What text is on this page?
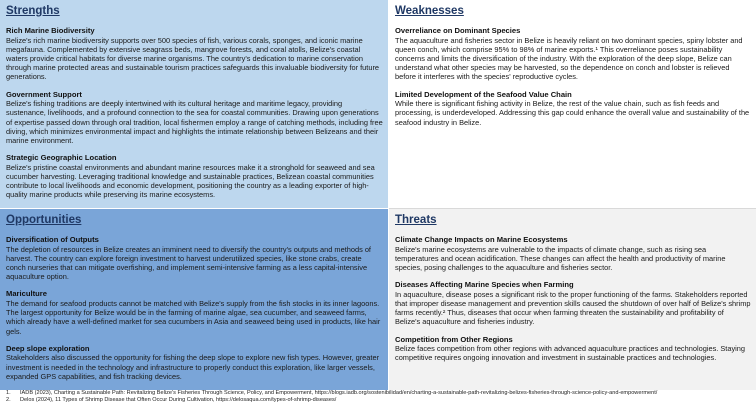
Strengths
Rich Marine Biodiversity
Belize's rich marine biodiversity supports over 500 species of fish, various corals, sponges, and iconic marine megafauna. Complemented by extensive seagrass beds, mangrove forests, and coral atolls, Belize's coastal waters provide critical habitats for diverse marine organisms. The country's dedication to marine conservation through marine protected areas and sustainable tourism practices safeguards this invaluable biodiversity for future generations.
Government Support
Belize's fishing traditions are deeply intertwined with its cultural heritage and maritime legacy, providing sustenance, livelihoods, and a profound connection to the sea for coastal communities. Drawing upon generations of expertise passed down through oral tradition, local fishermen employ a range of catching methods, including free diving, which minimizes environmental impact and highlights the intimate relationship between Belizeans and their marine environment.
Strategic Geographic Location
Belize's pristine coastal environments and abundant marine resources make it a stronghold for seaweed and sea cucumber harvesting. Leveraging traditional knowledge and sustainable practices, Belizean coastal communities contribute to local livelihoods and economic development, positioning the country as a leading exporter of high-quality marine products while preserving its marine ecosystems.
Weaknesses
Overreliance on Dominant Species
The aquaculture and fisheries sector in Belize is heavily reliant on two dominant species, spiny lobster and queen conch, which comprise 95% to 98% of marine exports.¹ This overreliance poses sustainability concerns and limits the diversification of the industry. With the exploration of the deep slope, Belize can understand what other species may be harvested, so the dependence on conch and lobster is relieved before it interferes with the species' reproductive cycles.
Limited Development of the Seafood Value Chain
While there is significant fishing activity in Belize, the rest of the value chain, such as fish feeds and processing, is underdeveloped. Addressing this gap could enhance the overall value and sustainability of the seafood industry in Belize.
Opportunities
Diversification of Outputs
The depletion of resources in Belize creates an imminent need to diversify the country's outputs and methods of harvest. The country can explore foreign investment to harvest underutilized species, like stone crabs, create conch nurseries that can mitigate overfishing, and implement semi-intensive farming as a less capital-intensive aquaculture option.
Mariculture
The demand for seafood products cannot be matched with Belize's supply from the fish stocks in its inner lagoons. The largest opportunity for Belize would be in the farming of marine algae, sea cucumber, and seaweed farms, which already have a well-defined market for sea cucumbers in Asia and seaweed being used in products, like hair gels.
Deep slope exploration
Stakeholders also discussed the opportunity for fishing the deep slope to explore new fish types. However, greater investment is needed in the technology and infrastructure to properly conduct this exploration, like larger vessels, expanded GPS capabilities, and fish tracking devices.
Threats
Climate Change Impacts on Marine Ecosystems
Belize's marine ecosystems are vulnerable to the impacts of climate change, such as rising sea temperatures and ocean acidification. These changes can affect the health and productivity of marine species, posing challenges to the aquaculture and fisheries sector.
Diseases Affecting Marine Species when Farming
In aquaculture, disease poses a significant risk to the proper functioning of the farms. Stakeholders reported that improper disease management and prevention skills caused the shutdown of over half of Belize's shrimp farms recently.² Thus, diseases that occur when farming threaten the sustainability and profitability of Belize's aquaculture and fisheries industry.
Competition from Other Regions
Belize faces competition from other regions with advanced aquaculture practices and technologies. Staying competitive requires ongoing innovation and investment in sustainable practices and technologies.
1.	IADB (2023), Charting a Sustainable Path: Revitalizing Belize's Fisheries Through Science, Policy, and Empowerment, https://blogs.iadb.org/sostenibilidad/en/charting-a-sustainable-path-revitalizing-belizes-fisheries-through-science-policy-and-empowerment/
2.	Delos (2024), 11 Types of Shrimp Disease that Often Occur During Cultivation, https://delosaqua.com/types-of-shrimp-diseases/
